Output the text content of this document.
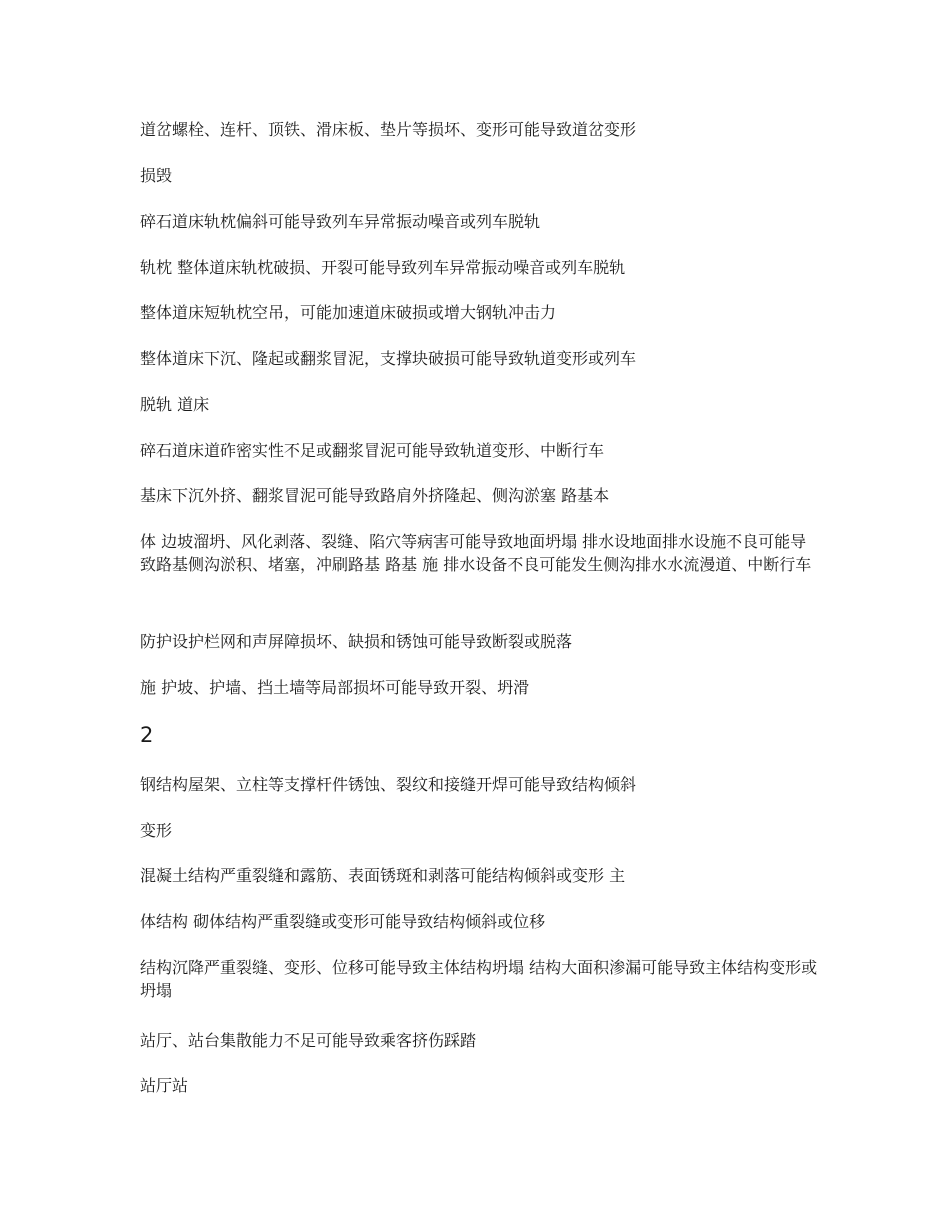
道岔螺栓、连杆、顶铁、滑床板、垫片等损坏、变形可能导致道岔变形

损毁

碎石道床轨枕偏斜可能导致列车异常振动噪音或列车脱轨

轨枕 整体道床轨枕破损、开裂可能导致列车异常振动噪音或列车脱轨

整体道床短轨枕空吊，可能加速道床破损或增大钢轨冲击力

整体道床下沉、隆起或翻浆冒泥，支撑块破损可能导致轨道变形或列车

脱轨 道床

碎石道床道砟密实性不足或翻浆冒泥可能导致轨道变形、中断行车

基床下沉外挤、翻浆冒泥可能导致路肩外挤隆起、侧沟淤塞 路基本

体 边坡溜坍、风化剥落、裂缝、陷穴等病害可能导致地面坍塌 排水设地面排水设施不良可能导致路基侧沟淤积、堵塞，冲刷路基 路基 施 排水设备不良可能发生侧沟排水水流漫道、中断行车

防护设护栏网和声屏障损坏、缺损和锈蚀可能导致断裂或脱落

施 护坡、护墙、挡土墙等局部损坏可能导致开裂、坍滑

2

钢结构屋架、立柱等支撑杆件锈蚀、裂纹和接缝开焊可能导致结构倾斜

变形

混凝土结构严重裂缝和露筋、表面锈斑和剥落可能结构倾斜或变形 主

体结构 砌体结构严重裂缝或变形可能导致结构倾斜或位移

结构沉降严重裂缝、变形、位移可能导致主体结构坍塌 结构大面积渗漏可能导致主体结构变形或坍塌

站厅、站台集散能力不足可能导致乘客挤伤踩踏

站厅站
